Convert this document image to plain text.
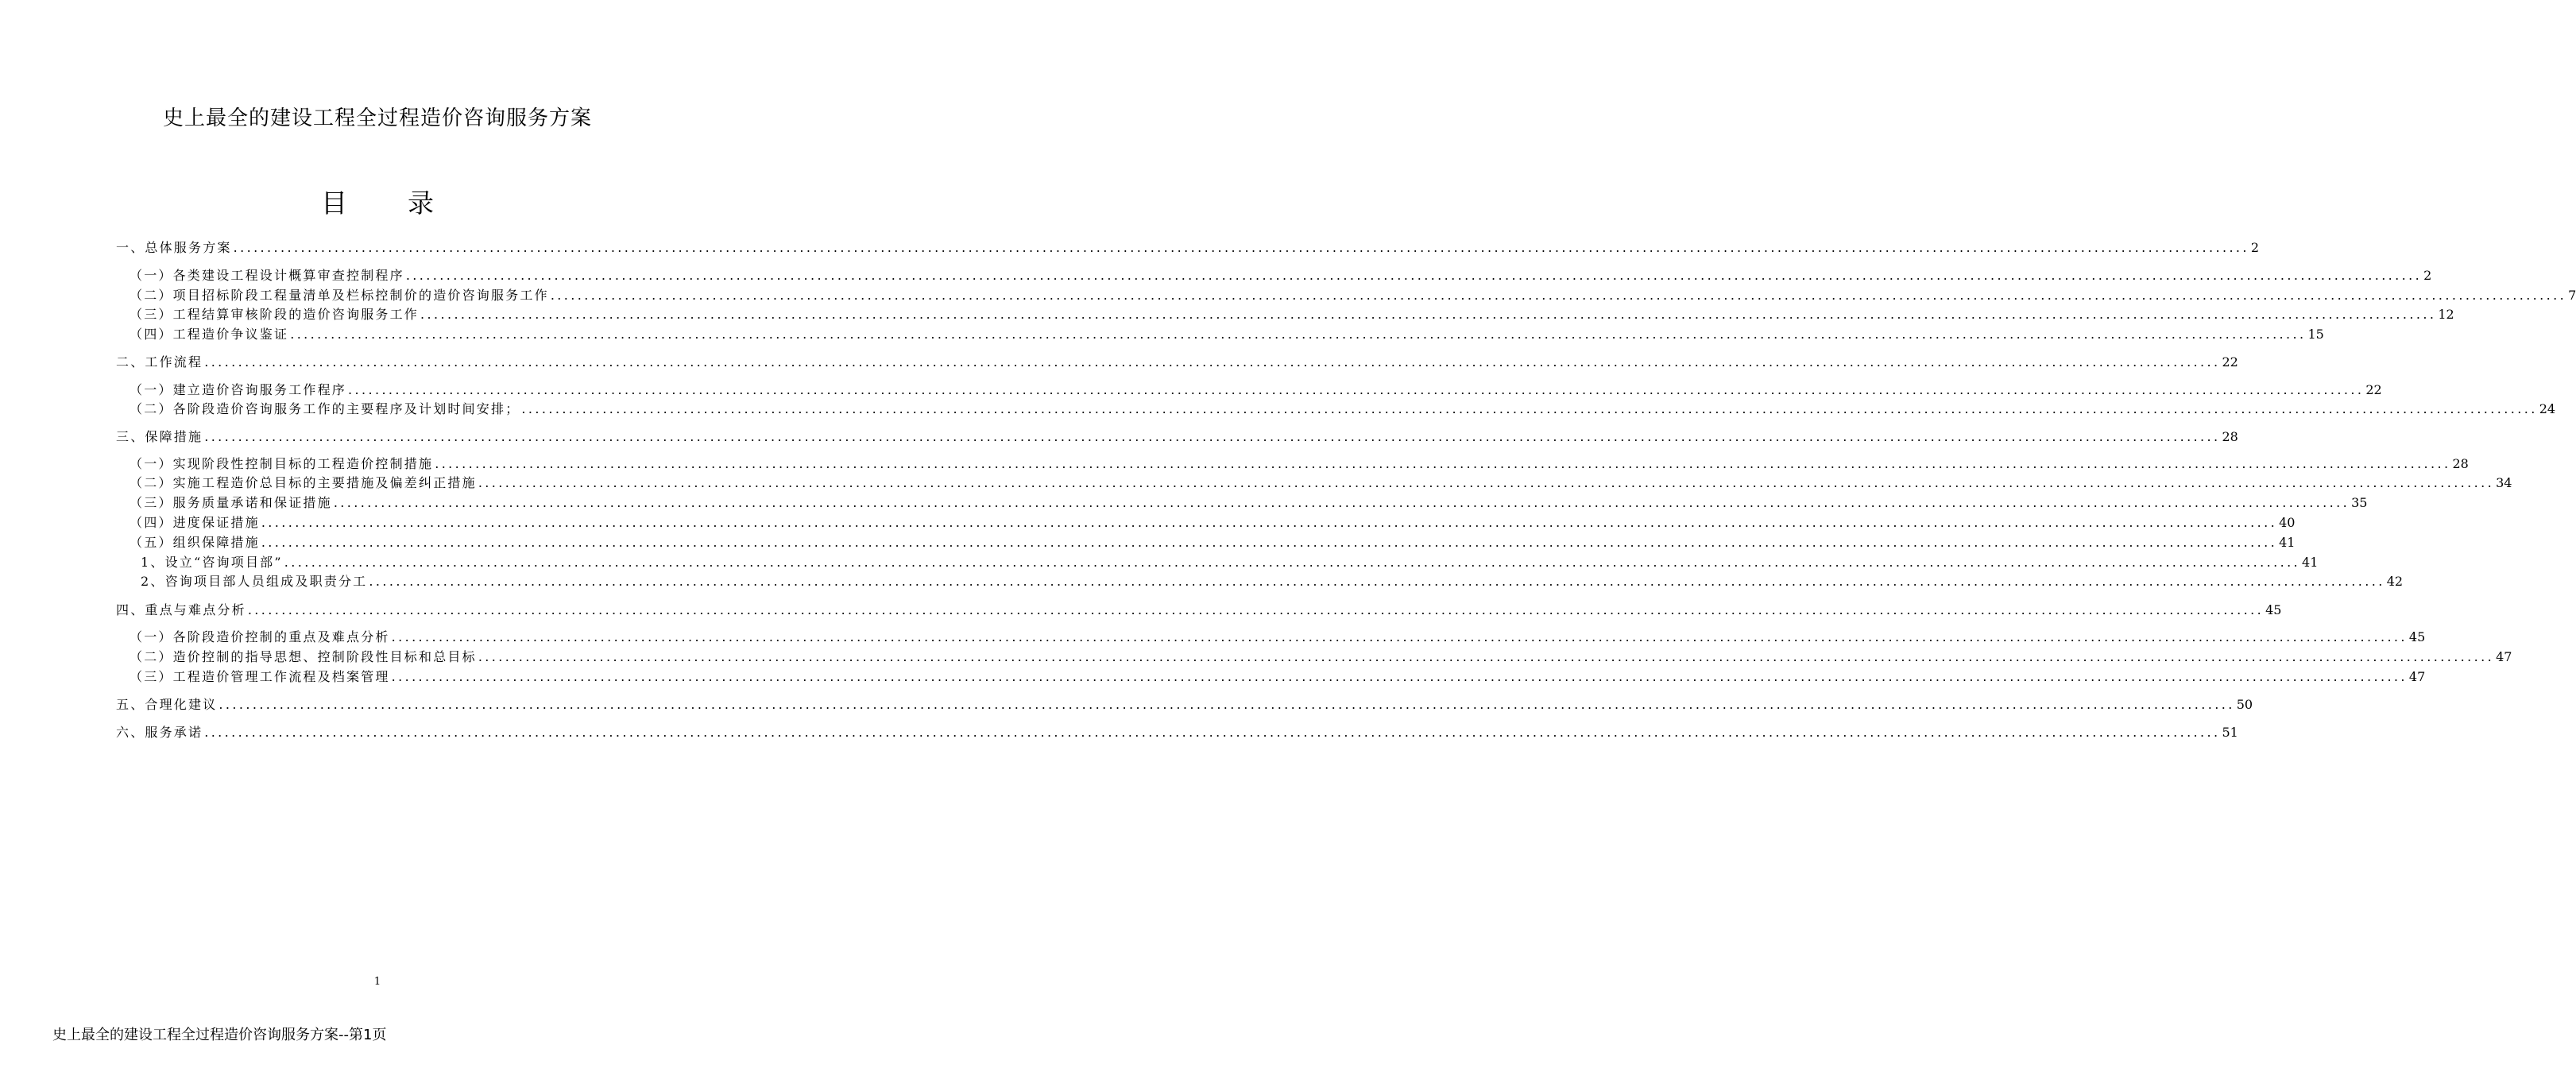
史上最全的建设工程全过程造价咨询服务方案
目录
一、总体服务方案 ........................................................................................................................................................................................................................................................................................................... 2
（一）各类建设工程设计概算审查控制程序 ........................................................................................................................................................................................................................................................................................................... 2
（二）项目招标阶段工程量清单及栏标控制价的造价咨询服务工作 ........................................................................................................................................................................................................................................................................................................... 7
（三）工程结算审核阶段的造价咨询服务工作 ........................................................................................................................................................................................................................................................................................................... 12
（四）工程造价争议鉴证 ........................................................................................................................................................................................................................................................................................................... 15
二、工作流程 ........................................................................................................................................................................................................................................................................................................... 22
（一）建立造价咨询服务工作程序 ........................................................................................................................................................................................................................................................................................................... 22
（二）各阶段造价咨询服务工作的主要程序及计划时间安排； ........................................................................................................................................................................................................................................................................................................... 24
三、保障措施 ........................................................................................................................................................................................................................................................................................................... 28
（一）实现阶段性控制目标的工程造价控制措施 ........................................................................................................................................................................................................................................................................................................... 28
（二）实施工程造价总目标的主要措施及偏差纠正措施 ........................................................................................................................................................................................................................................................................................................... 34
（三）服务质量承诺和保证措施 ........................................................................................................................................................................................................................................................................................................... 35
（四）进度保证措施 ........................................................................................................................................................................................................................................................................................................... 40
（五）组织保障措施 ........................................................................................................................................................................................................................................................................................................... 41
1、设立“咨询项目部” ........................................................................................................................................................................................................................................................................................................... 41
2、咨询项目部人员组成及职责分工 ........................................................................................................................................................................................................................................................................................................... 42
四、重点与难点分析 ........................................................................................................................................................................................................................................................................................................... 45
（一）各阶段造价控制的重点及难点分析 ........................................................................................................................................................................................................................................................................................................... 45
（二）造价控制的指导思想、控制阶段性目标和总目标 ........................................................................................................................................................................................................................................................................................................... 47
（三）工程造价管理工作流程及档案管理 ........................................................................................................................................................................................................................................................................................................... 47
五、合理化建议 ........................................................................................................................................................................................................................................................................................................... 50
六、服务承诺 ........................................................................................................................................................................................................................................................................................................... 51
1
史上最全的建设工程全过程造价咨询服务方案--第1页
